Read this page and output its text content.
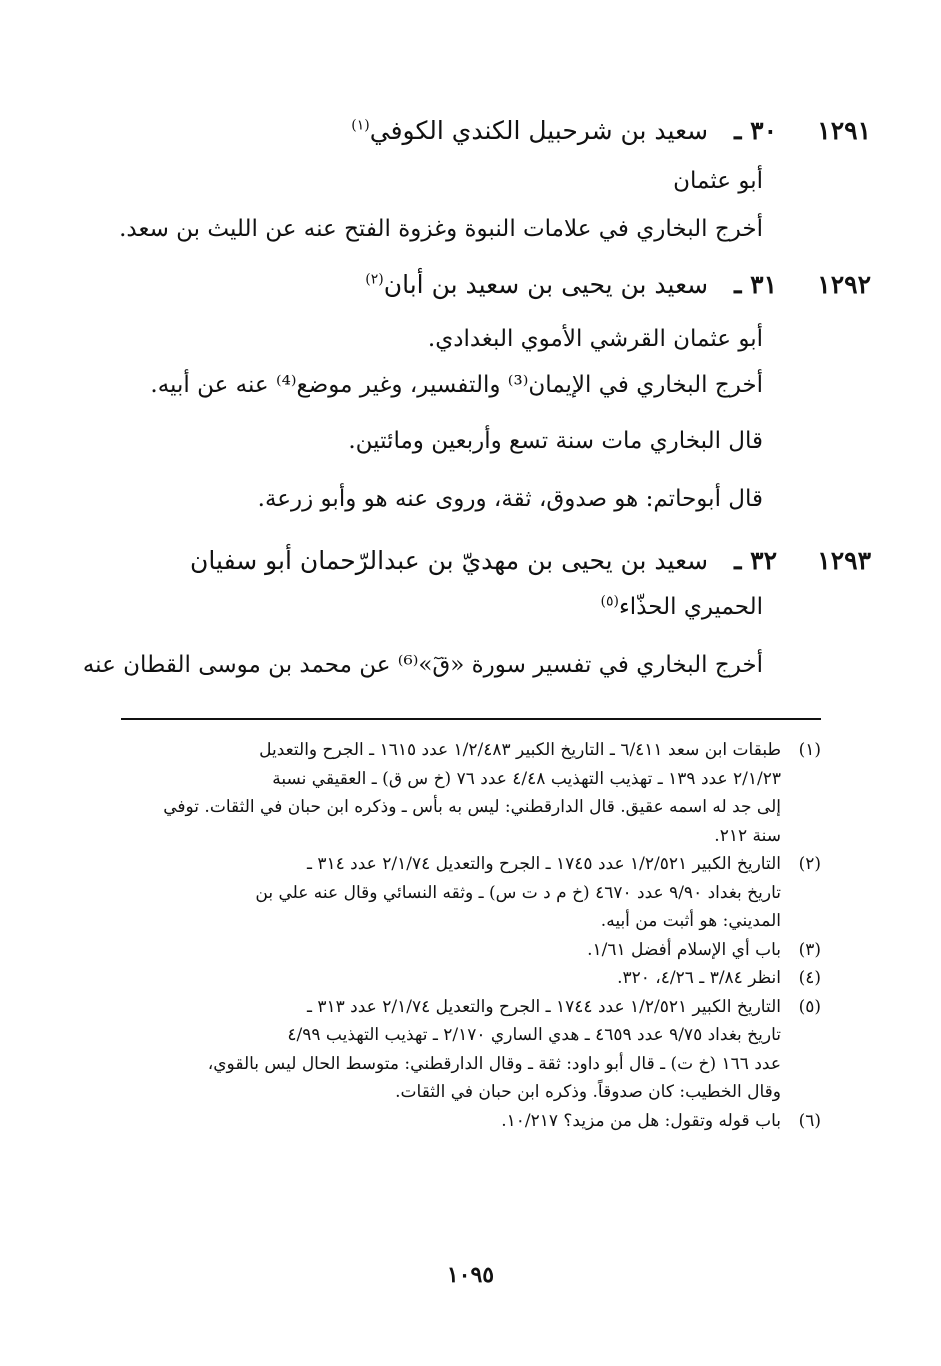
١٢٩١
٣٠ ـ
سعيد بن شرحبيل الكندي الكوفي$^{(١)}$
أبو عثمان
أخرج البخاري في علامات النبوة وغزوة الفتح عنه عن الليث بن سعد.
١٢٩٢
٣١ ـ
سعيد بن يحيى بن سعيد بن أبان$^{(٢)}$
أبو عثمان القرشي الأموي البغدادي.
أخرج البخاري في الإيمان⁽³⁾ والتفسير، وغير موضع⁽⁴⁾ عنه عن أبيه.
قال البخاري مات سنة تسع وأربعين ومائتين.
قال أبوحاتم: هو صدوق، ثقة، وروى عنه هو وأبو زرعة.
١٢٩٣
٣٢ ـ
سعيد بن يحيى بن مهديّ بن عبدالرّحمان أبو سفيان
الحميري الحذّاء$^{(٥)}$
أخرج البخاري في تفسير سورة «قٓ»⁽⁶⁾ عن محمد بن موسى القطان عنه
(١)
طبقات ابن سعد ٦/٤١١ ـ التاريخ الكبير ١/٢/٤٨٣ عدد ١٦١٥ ـ الجرح والتعديل
٢/١/٢٣ عدد ١٣٩ ـ تهذيب التهذيب ٤/٤٨ عدد ٧٦ (خ س ق) ـ العقيقي نسبة
إلى جد له اسمه عقيق. قال الدارقطني: ليس به بأس ـ وذكره ابن حبان في الثقات. توفي
سنة ٢١٢.
(٢)
التاريخ الكبير ١/٢/٥٢١ عدد ١٧٤٥ ـ الجرح والتعديل ٢/١/٧٤ عدد ٣١٤ ـ
تاريخ بغداد ٩/٩٠ عدد ٤٦٧٠ (خ م د ت س) ـ وثقه النسائي وقال عنه علي بن
المديني: هو أثبت من أبيه.
(٣)
باب أي الإسلام أفضل ١/٦١.
(٤)
انظر ٣/٨٤ ـ ٤/٢٦، ٣٢٠.
(٥)
التاريخ الكبير ١/٢/٥٢١ عدد ١٧٤٤ ـ الجرح والتعديل ٢/١/٧٤ عدد ٣١٣ ـ
تاريخ بغداد ٩/٧٥ عدد ٤٦٥٩ ـ هدي الساري ٢/١٧٠ ـ تهذيب التهذيب ٤/٩٩
عدد ١٦٦ (خ ت) ـ قال أبو داود: ثقة ـ وقال الدارقطني: متوسط الحال ليس بالقوي،
وقال الخطيب: كان صدوقاً. وذكره ابن حبان في الثقات.
(٦)
باب قوله وتقول: هل من مزيد؟ ١٠/٢١٧.
١٠٩٥
